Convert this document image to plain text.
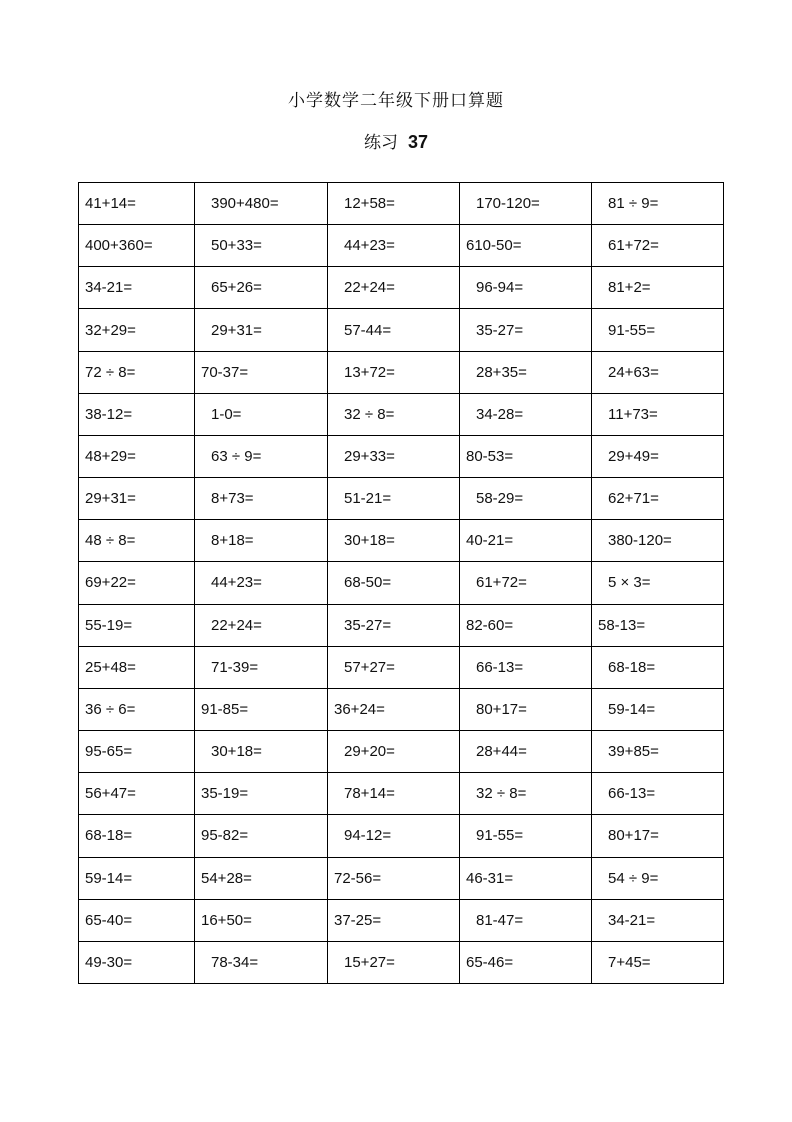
小学数学二年级下册口算题
练习 37
41+14=	390+480=	12+58=	170-120=	81 ÷ 9=
400+360=	50+33=	44+23=	610-50=	61+72=
34-21=	65+26=	22+24=	96-94=	81+2=
32+29=	29+31=	57-44=	35-27=	91-55=
72 ÷ 8=	70-37=	13+72=	28+35=	24+63=
38-12=	1-0=	32 ÷ 8=	34-28=	11+73=
48+29=	63 ÷ 9=	29+33=	80-53=	29+49=
29+31=	8+73=	51-21=	58-29=	62+71=
48 ÷ 8=	8+18=	30+18=	40-21=	380-120=
69+22=	44+23=	68-50=	61+72=	5 × 3=
55-19=	22+24=	35-27=	82-60=	58-13=
25+48=	71-39=	57+27=	66-13=	68-18=
36 ÷ 6=	91-85=	36+24=	80+17=	59-14=
95-65=	30+18=	29+20=	28+44=	39+85=
56+47=	35-19=	78+14=	32 ÷ 8=	66-13=
68-18=	95-82=	94-12=	91-55=	80+17=
59-14=	54+28=	72-56=	46-31=	54 ÷ 9=
65-40=	16+50=	37-25=	81-47=	34-21=
49-30=	78-34=	15+27=	65-46=	7+45=
